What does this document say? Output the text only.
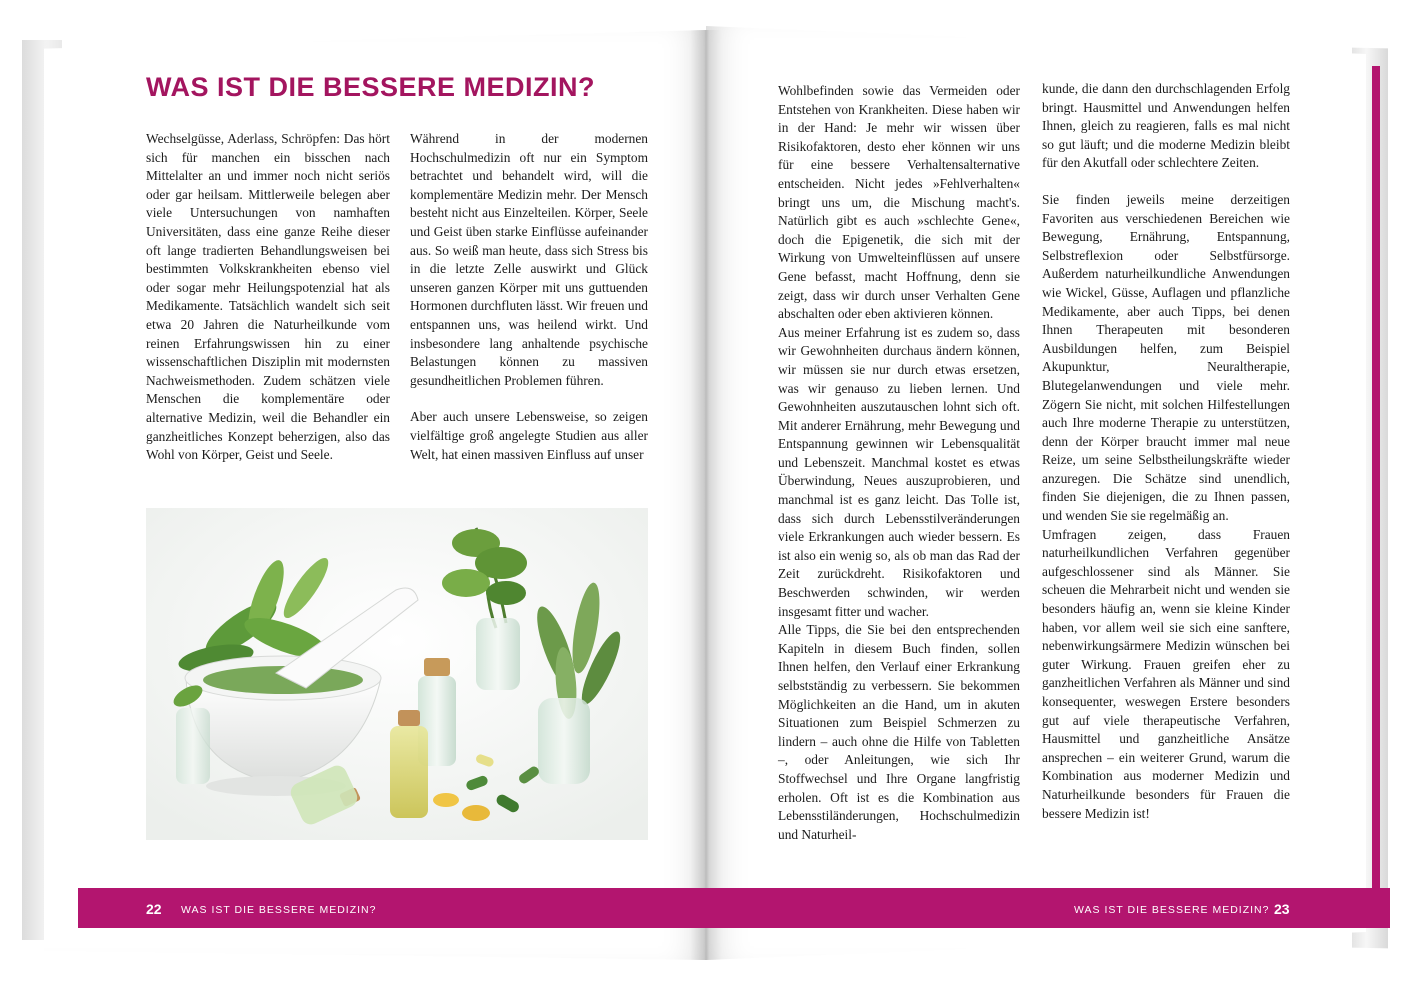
WAS IST DIE BESSERE MEDIZIN?

Wechselgüsse, Aderlass, Schröpfen: Das hört sich für manchen ein bisschen nach Mittelalter an und immer noch nicht seriös oder gar heilsam. Mittlerweile belegen aber viele Untersuchungen von namhaften Universitäten, dass eine ganze Reihe dieser oft lange tradierten Behandlungsweisen bei bestimmten Volkskrankheiten ebenso viel oder sogar mehr Heilungspotenzial hat als Medikamente. Tatsächlich wandelt sich seit etwa 20 Jahren die Naturheilkunde vom reinen Erfahrungswissen hin zu einer wissenschaftlichen Disziplin mit modernsten Nachweismethoden. Zudem schätzen viele Menschen die komplementäre oder alternative Medizin, weil die Behandler ein ganzheitliches Konzept beherzigen, also das Wohl von Körper, Geist und Seele.

Während in der modernen Hochschulmedizin oft nur ein Symptom betrachtet und behandelt wird, will die komplementäre Medizin mehr. Der Mensch besteht nicht aus Einzelteilen. Körper, Seele und Geist üben starke Einflüsse aufeinander aus. So weiß man heute, dass sich Stress bis in die letzte Zelle auswirkt und Glück unseren ganzen Körper mit uns guttuenden Hormonen durchfluten lässt. Wir freuen und entspannen uns, was heilend wirkt. Und insbesondere lang anhaltende psychische Belastungen können zu massiven gesundheitlichen Problemen führen.

Aber auch unsere Lebensweise, so zeigen vielfältige groß angelegte Studien aus aller Welt, hat einen massiven Einfluss auf unser

Wohlbefinden sowie das Vermeiden oder Entstehen von Krankheiten. Diese haben wir in der Hand: Je mehr wir wissen über Risikofaktoren, desto eher können wir uns für eine bessere Verhaltensalternative entscheiden. Nicht jedes »Fehlverhalten« bringt uns um, die Mischung macht's. Natürlich gibt es auch »schlechte Gene«, doch die Epigenetik, die sich mit der Wirkung von Umwelteinflüssen auf unsere Gene befasst, macht Hoffnung, denn sie zeigt, dass wir durch unser Verhalten Gene abschalten oder eben aktivieren können.

Aus meiner Erfahrung ist es zudem so, dass wir Gewohnheiten durchaus ändern können, wir müssen sie nur durch etwas ersetzen, was wir genauso zu lieben lernen. Und Gewohnheiten auszutauschen lohnt sich oft. Mit anderer Ernährung, mehr Bewegung und Entspannung gewinnen wir Lebensqualität und Lebenszeit. Manchmal kostet es etwas Überwindung, Neues auszuprobieren, und manchmal ist es ganz leicht. Das Tolle ist, dass sich durch Lebensstilveränderungen viele Erkrankungen auch wieder bessern. Es ist also ein wenig so, als ob man das Rad der Zeit zurückdreht. Risikofaktoren und Beschwerden schwinden, wir werden insgesamt fitter und wacher.

Alle Tipps, die Sie bei den entsprechenden Kapiteln in diesem Buch finden, sollen Ihnen helfen, den Verlauf einer Erkrankung selbstständig zu verbessern. Sie bekommen Möglichkeiten an die Hand, um in akuten Situationen zum Beispiel Schmerzen zu lindern – auch ohne die Hilfe von Tabletten –, oder Anleitungen, wie sich Ihr Stoffwechsel und Ihre Organe langfristig erholen. Oft ist es die Kombination aus Lebensstiländerungen, Hochschulmedizin und Naturheil-

kunde, die dann den durchschlagenden Erfolg bringt. Hausmittel und Anwendungen helfen Ihnen, gleich zu reagieren, falls es mal nicht so gut läuft; und die moderne Medizin bleibt für den Akutfall oder schlechtere Zeiten.

Sie finden jeweils meine derzeitigen Favoriten aus verschiedenen Bereichen wie Bewegung, Ernährung, Entspannung, Selbstreflexion oder Selbstfürsorge. Außerdem naturheilkundliche Anwendungen wie Wickel, Güsse, Auflagen und pflanzliche Medikamente, aber auch Tipps, bei denen Ihnen Therapeuten mit besonderen Ausbildungen helfen, zum Beispiel Akupunktur, Neuraltherapie, Blutegelanwendungen und viele mehr. Zögern Sie nicht, mit solchen Hilfestellungen auch Ihre moderne Therapie zu unterstützen, denn der Körper braucht immer mal neue Reize, um seine Selbstheilungskräfte wieder anzuregen. Die Schätze sind unendlich, finden Sie diejenigen, die zu Ihnen passen, und wenden Sie sie regelmäßig an.

Umfragen zeigen, dass Frauen naturheilkundlichen Verfahren gegenüber aufgeschlossener sind als Männer. Sie scheuen die Mehrarbeit nicht und wenden sie besonders häufig an, wenn sie kleine Kinder haben, vor allem weil sie sich eine sanftere, nebenwirkungsärmere Medizin wünschen bei guter Wirkung. Frauen greifen eher zu ganzheitlichen Verfahren als Männer und sind konsequenter, weswegen Erstere besonders gut auf viele therapeutische Verfahren, Hausmittel und ganzheitliche Ansätze ansprechen – ein weiterer Grund, warum die Kombination aus moderner Medizin und Naturheilkunde besonders für Frauen die bessere Medizin ist!

22 WAS IST DIE BESSERE MEDIZIN?	WAS IST DIE BESSERE MEDIZIN? 23
